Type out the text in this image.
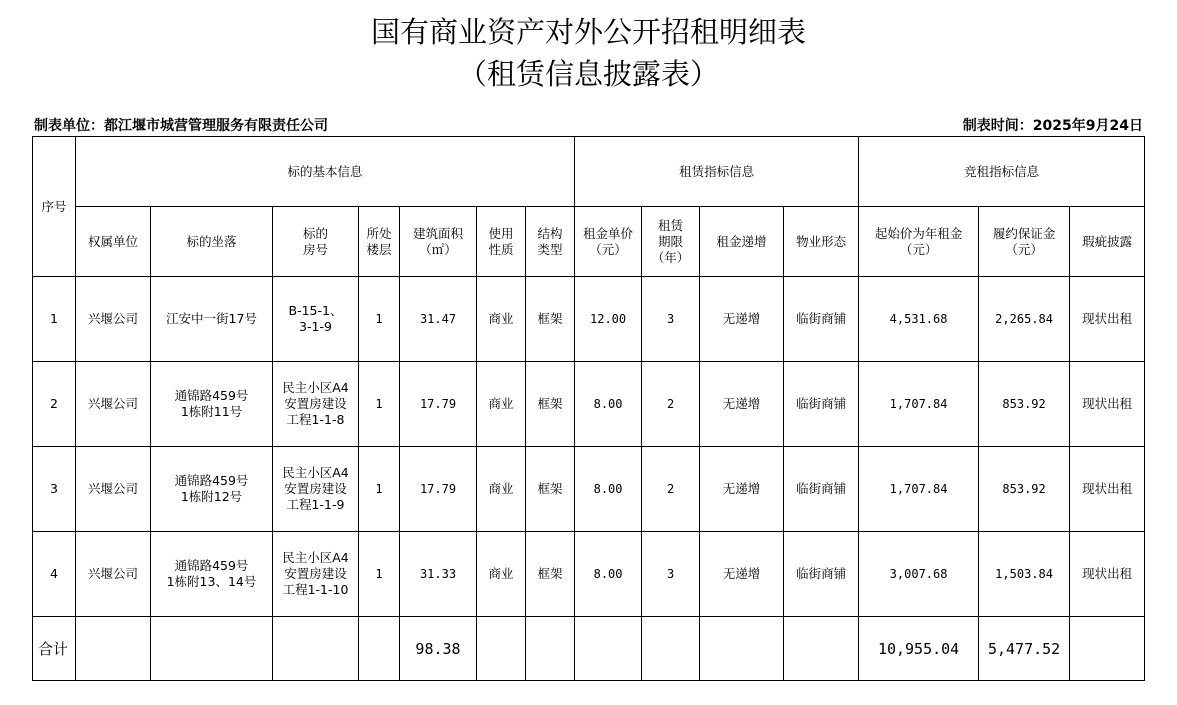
国有商业资产对外公开招租明细表
（租赁信息披露表）
制表单位：都江堰市城营管理服务有限责任公司	制表时间：2025年9月24日
序号	标的基本信息							租赁指标信息				竞租指标信息		
	权属单位	标的坐落	标的
房号	所处
楼层	建筑面积
（㎡）	使用
性质	结构
类型	租金单价
（元）	租赁
期限
（年）	租金递增	物业形态	起始价为年租金
（元）	履约保证金
（元）	瑕疵披露
1	兴堰公司	江安中一街17号	B-15-1、
3-1-9	1	31.47	商业	框架	12.00	3	无递增	临街商铺	4,531.68	2,265.84	现状出租
2	兴堰公司	通锦路459号
1栋附11号	民主小区A4
安置房建设
工程1-1-8	1	17.79	商业	框架	8.00	2	无递增	临街商铺	1,707.84	853.92	现状出租
3	兴堰公司	通锦路459号
1栋附12号	民主小区A4
安置房建设
工程1-1-9	1	17.79	商业	框架	8.00	2	无递增	临街商铺	1,707.84	853.92	现状出租
4	兴堰公司	通锦路459号
1栋附13、14号	民主小区A4
安置房建设
工程1-1-10	1	31.33	商业	框架	8.00	3	无递增	临街商铺	3,007.68	1,503.84	现状出租
合计					98.38							10,955.04	5,477.52	
